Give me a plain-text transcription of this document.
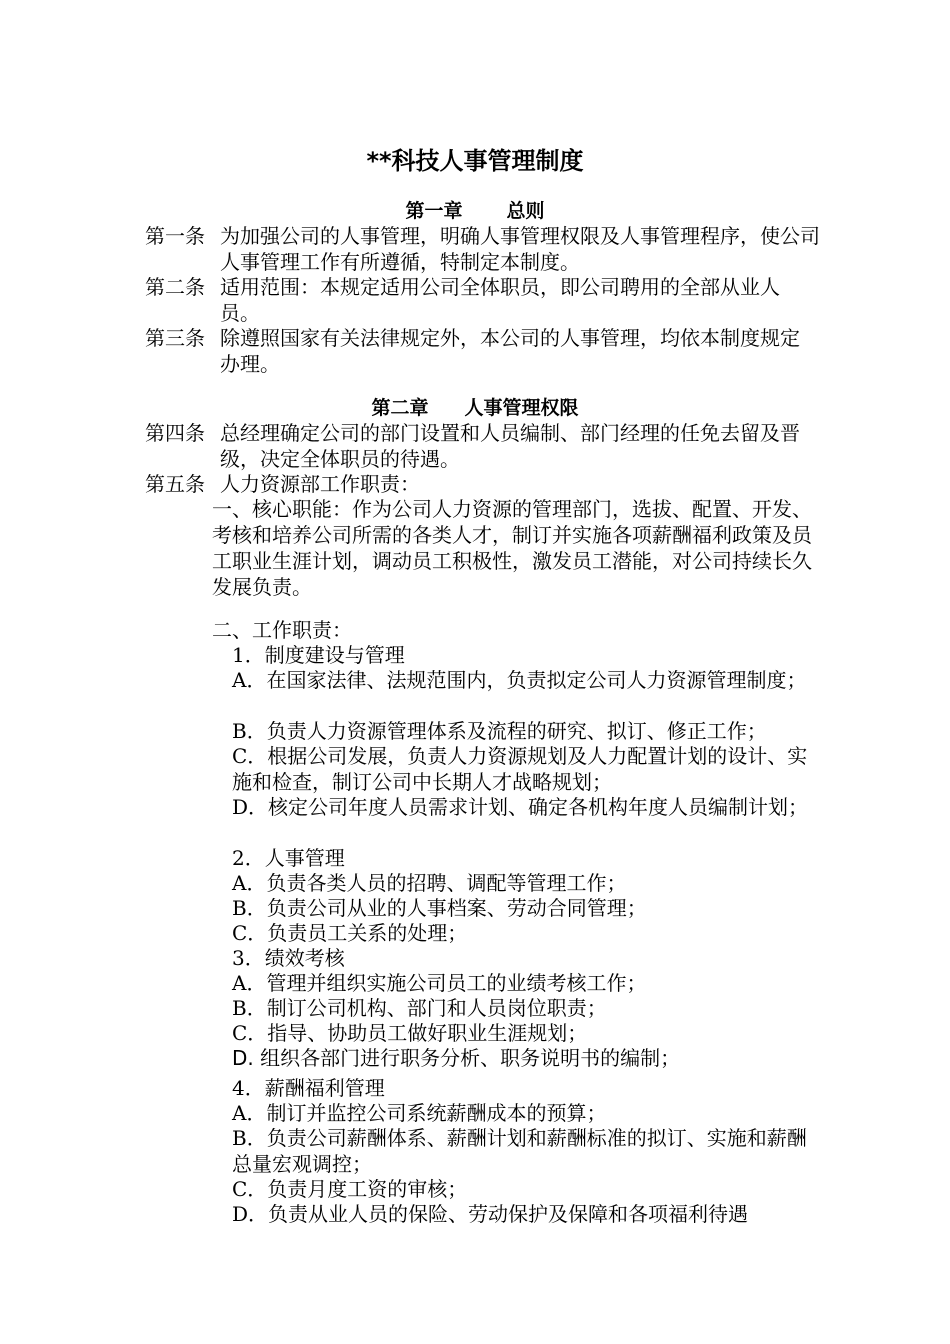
**科技人事管理制度
第一章 总则
第一条 为加强公司的人事管理，明确人事管理权限及人事管理程序，使公司人事管理工作有所遵循，特制定本制度。
第二条 适用范围：本规定适用公司全体职员，即公司聘用的全部从业人员。
第三条 除遵照国家有关法律规定外，本公司的人事管理，均依本制度规定办理。
第二章 人事管理权限
第四条 总经理确定公司的部门设置和人员编制、部门经理的任免去留及晋级，决定全体职员的待遇。
第五条 人力资源部工作职责：
一、核心职能：作为公司人力资源的管理部门，选拔、配置、开发、考核和培养公司所需的各类人才，制订并实施各项薪酬福利政策及员工职业生涯计划，调动员工积极性，激发员工潜能，对公司持续长久发展负责。
二、工作职责：
1．制度建设与管理
A．在国家法律、法规范围内，负责拟定公司人力资源管理制度；
B．负责人力资源管理体系及流程的研究、拟订、修正工作；
C．根据公司发展，负责人力资源规划及人力配置计划的设计、实施和检查，制订公司中长期人才战略规划；
D．核定公司年度人员需求计划、确定各机构年度人员编制计划；
2．人事管理
A．负责各类人员的招聘、调配等管理工作；
B．负责公司从业的人事档案、劳动合同管理；
C．负责员工关系的处理；
3．绩效考核
A．管理并组织实施公司员工的业绩考核工作；
B．制订公司机构、部门和人员岗位职责；
C．指导、协助员工做好职业生涯规划；
D. 组织各部门进行职务分析、职务说明书的编制；
4．薪酬福利管理
A．制订并监控公司系统薪酬成本的预算；
B．负责公司薪酬体系、薪酬计划和薪酬标准的拟订、实施和薪酬总量宏观调控；
C．负责月度工资的审核；
D．负责从业人员的保险、劳动保护及保障和各项福利待遇
